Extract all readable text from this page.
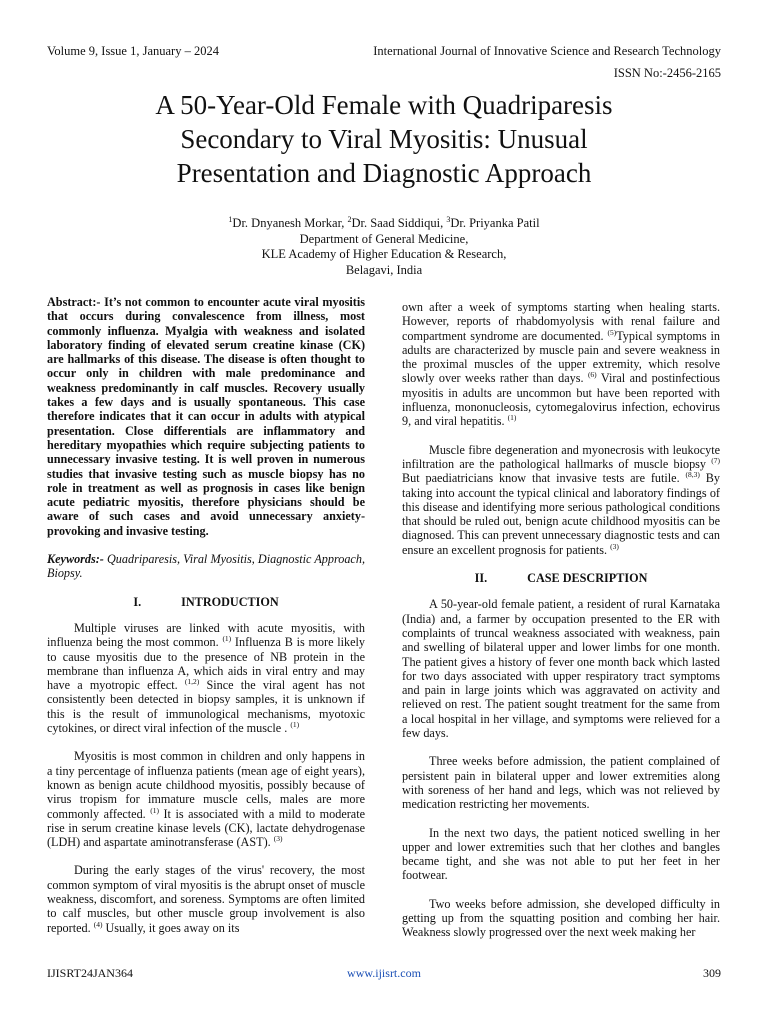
Volume 9, Issue 1, January – 2024	International Journal of Innovative Science and Research Technology
ISSN No:-2456-2165
A 50-Year-Old Female with Quadriparesis
Secondary to Viral Myositis: Unusual
Presentation and Diagnostic Approach
$^1$Dr. Dnyanesh Morkar, $^2$Dr. Saad Siddiqui, $^3$Dr. Priyanka Patil
Department of General Medicine,
KLE Academy of Higher Education & Research,
Belagavi, India

Abstract:- It’s not common to encounter acute viral myositis that occurs during convalescence from illness, most commonly influenza. Myalgia with weakness and isolated laboratory finding of elevated serum creatine kinase (CK) are hallmarks of this disease. The disease is often thought to occur only in children with male predominance and weakness predominantly in calf muscles. Recovery usually takes a few days and is usually spontaneous. This case therefore indicates that it can occur in adults with atypical presentation. Close differentials are inflammatory and hereditary myopathies which require subjecting patients to unnecessary invasive testing. It is well proven in numerous studies that invasive testing such as muscle biopsy has no role in treatment as well as prognosis in cases like benign acute pediatric myositis, therefore physicians should be aware of such cases and avoid unnecessary anxiety-provoking and invasive testing.

Keywords:- Quadriparesis, Viral Myositis, Diagnostic Approach, Biopsy.

I.	INTRODUCTION

Multiple viruses are linked with acute myositis, with influenza being the most common. $^{(1)}$ Influenza B is more likely to cause myositis due to the presence of NB protein in the membrane than influenza A, which aids in viral entry and may have a myotropic effect. $^{(1,2)}$ Since the viral agent has not consistently been detected in biopsy samples, it is unknown if this is the result of immunological mechanisms, myotoxic cytokines, or direct viral infection of the muscle . $^{(1)}$

Myositis is most common in children and only happens in a tiny percentage of influenza patients (mean age of eight years), known as benign acute childhood myositis, possibly because of virus tropism for immature muscle cells, males are more commonly affected. $^{(1)}$ It is associated with a mild to moderate rise in serum creatine kinase levels (CK), lactate dehydrogenase (LDH) and aspartate aminotransferase (AST). $^{(3)}$

During the early stages of the virus' recovery, the most common symptom of viral myositis is the abrupt onset of muscle weakness, discomfort, and soreness. Symptoms are often limited to calf muscles, but other muscle group involvement is also reported. $^{(4)}$ Usually, it goes away on its

own after a week of symptoms starting when healing starts. However, reports of rhabdomyolysis with renal failure and compartment syndrome are documented. $^{(5)}$Typical symptoms in adults are characterized by muscle pain and severe weakness in the proximal muscles of the upper extremity, which resolve slowly over weeks rather than days. $^{(6)}$ Viral and postinfectious myositis in adults are uncommon but have been reported with influenza, mononucleosis, cytomegalovirus infection, echovirus 9, and viral hepatitis. $^{(1)}$

Muscle fibre degeneration and myonecrosis with leukocyte infiltration are the pathological hallmarks of muscle biopsy $^{(7)}$ But paediatricians know that invasive tests are futile. $^{(8,3)}$ By taking into account the typical clinical and laboratory findings of this disease and identifying more serious pathological conditions that should be ruled out, benign acute childhood myositis can be diagnosed. This can prevent unnecessary diagnostic tests and can ensure an excellent prognosis for patients. $^{(3)}$

II.	CASE DESCRIPTION

A 50-year-old female patient, a resident of rural Karnataka (India) and, a farmer by occupation presented to the ER with complaints of truncal weakness associated with weakness, pain and swelling of bilateral upper and lower limbs for one month. The patient gives a history of fever one month back which lasted for two days associated with upper respiratory tract symptoms and pain in large joints which was aggravated on activity and relieved on rest. The patient sought treatment for the same from a local hospital in her village, and symptoms were relieved for a few days.

Three weeks before admission, the patient complained of persistent pain in bilateral upper and lower extremities along with soreness of her hand and legs, which was not relieved by medication restricting her movements.

In the next two days, the patient noticed swelling in her upper and lower extremities such that her clothes and bangles became tight, and she was not able to put her feet in her footwear.

Two weeks before admission, she developed difficulty in getting up from the squatting position and combing her hair. Weakness slowly progressed over the next week making her

IJISRT24JAN364	www.ijisrt.com	309
